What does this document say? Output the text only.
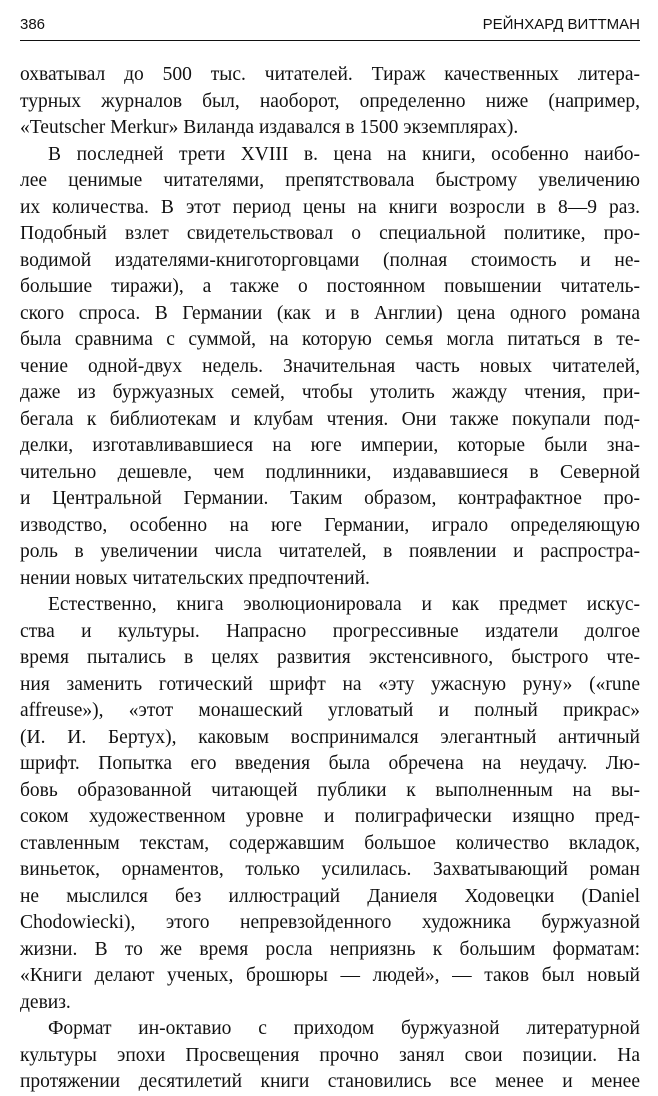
386	РЕЙНХАРД ВИТТМАН
охватывал до 500 тыс. читателей. Тираж качественных литера-
турных журналов был, наоборот, определенно ниже (например,
«Teutscher Merkur» Виланда издавался в 1500 экземплярах).
В последней трети XVIII в. цена на книги, особенно наибо-
лее ценимые читателями, препятствовала быстрому увеличению
их количества. В этот период цены на книги возросли в 8—9 раз.
Подобный взлет свидетельствовал о специальной политике, про-
водимой издателями-книготорговцами (полная стоимость и не-
большие тиражи), а также о постоянном повышении читатель-
ского спроса. В Германии (как и в Англии) цена одного романа
была сравнима с суммой, на которую семья могла питаться в те-
чение одной-двух недель. Значительная часть новых читателей,
даже из буржуазных семей, чтобы утолить жажду чтения, при-
бегала к библиотекам и клубам чтения. Они также покупали под-
делки, изготавливавшиеся на юге империи, которые были зна-
чительно дешевле, чем подлинники, издававшиеся в Северной
и Центральной Германии. Таким образом, контрафактное про-
изводство, особенно на юге Германии, играло определяющую
роль в увеличении числа читателей, в появлении и распростра-
нении новых читательских предпочтений.
Естественно, книга эволюционировала и как предмет искус-
ства и культуры. Напрасно прогрессивные издатели долгое
время пытались в целях развития экстенсивного, быстрого чте-
ния заменить готический шрифт на «эту ужасную руну» («rune
affreuse»), «этот монашеский угловатый и полный прикрас»
(И. И. Бертух), каковым воспринимался элегантный античный
шрифт. Попытка его введения была обречена на неудачу. Лю-
бовь образованной читающей публики к выполненным на вы-
соком художественном уровне и полиграфически изящно пред-
ставленным текстам, содержавшим большое количество вкладок,
виньеток, орнаментов, только усилилась. Захватывающий роман
не мыслился без иллюстраций Даниеля Ходовецки (Daniel
Chodowiecki), этого непревзойденного художника буржуазной
жизни. В то же время росла неприязнь к большим форматам:
«Книги делают ученых, брошюры — людей», — таков был новый
девиз.
Формат ин-октавио с приходом буржуазной литературной
культуры эпохи Просвещения прочно занял свои позиции. На
протяжении десятилетий книги становились все менее и менее
